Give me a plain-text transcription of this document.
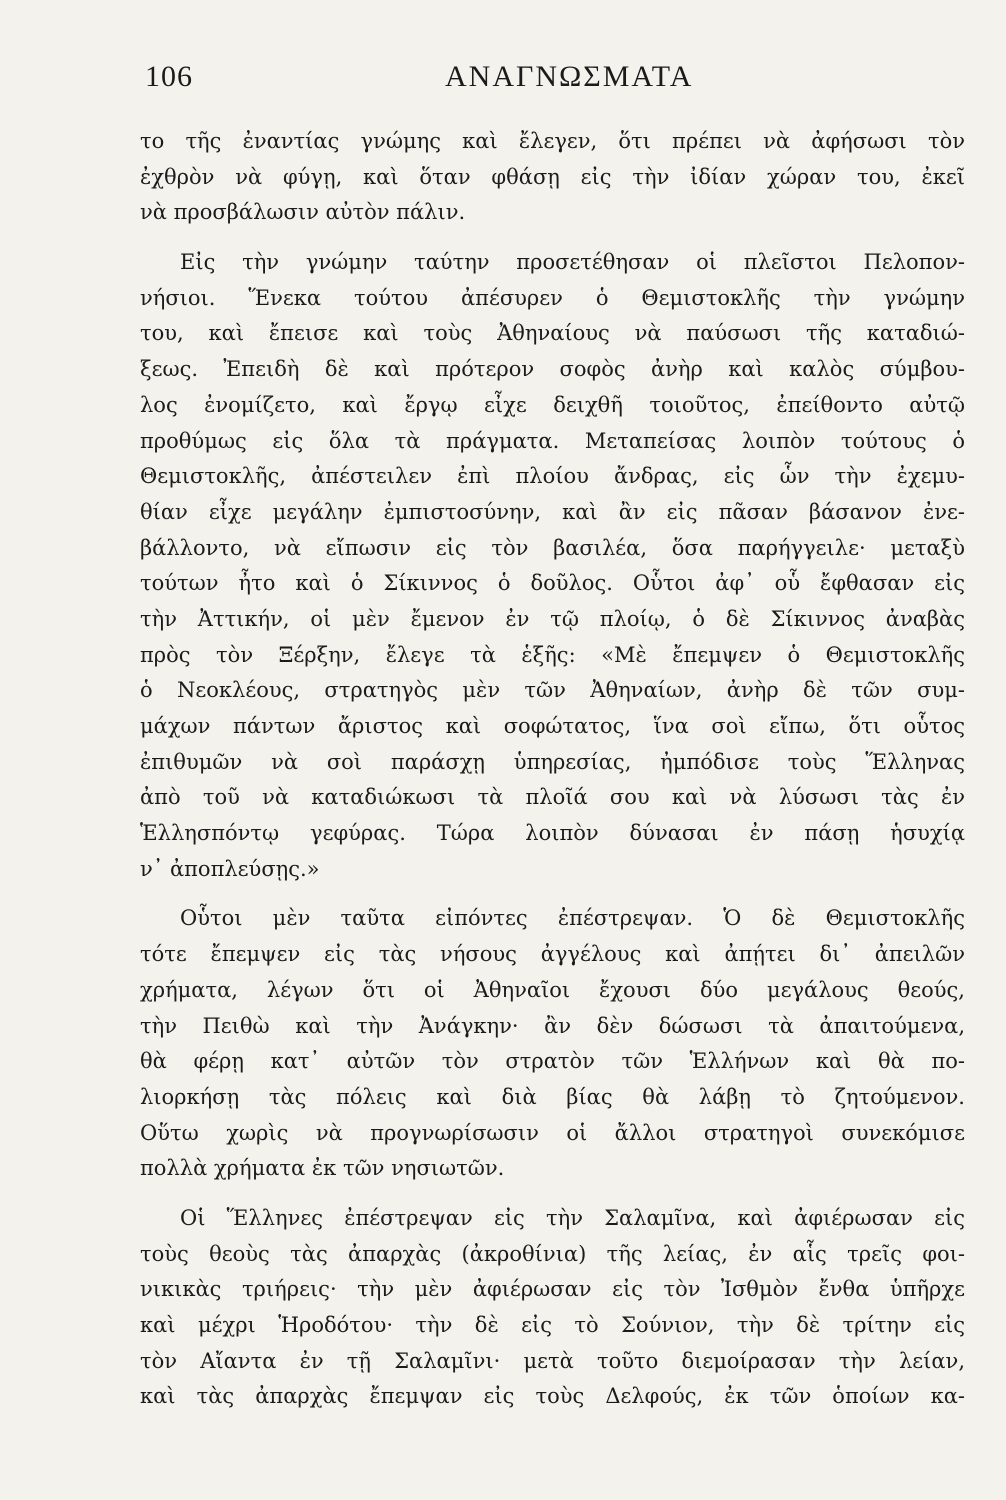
106	ΑΝΑΓΝΩΣΜΑΤΑ
το τῆς ἐναντίας γνώμης καὶ ἔλεγεν, ὅτι πρέπει νὰ ἀφήσωσι τὸν
ἐχθρὸν νὰ φύγῃ, καὶ ὅταν φθάσῃ εἰς τὴν ἰδίαν χώραν του, ἐκεῖ
νὰ προσβάλωσιν αὐτὸν πάλιν.
Εἰς τὴν γνώμην ταύτην προσετέθησαν οἱ πλεῖστοι Πελοπον-
νήσιοι. Ἕνεκα τούτου ἀπέσυρεν ὁ Θεμιστοκλῆς τὴν γνώμην
του, καὶ ἔπεισε καὶ τοὺς Ἀθηναίους νὰ παύσωσι τῆς καταδιώ-
ξεως. Ἐπειδὴ δὲ καὶ πρότερον σοφὸς ἀνὴρ καὶ καλὸς σύμβου-
λος ἐνομίζετο, καὶ ἔργῳ εἶχε δειχθῆ τοιοῦτος, ἐπείθοντο αὐτῷ
προθύμως εἰς ὅλα τὰ πράγματα. Μεταπείσας λοιπὸν τούτους ὁ
Θεμιστοκλῆς, ἀπέστειλεν ἐπὶ πλοίου ἄνδρας, εἰς ὧν τὴν ἐχεμυ-
θίαν εἶχε μεγάλην ἐμπιστοσύνην, καὶ ἂν εἰς πᾶσαν βάσανον ἐνε-
βάλλοντο, νὰ εἴπωσιν εἰς τὸν βασιλέα, ὅσα παρήγγειλε· μεταξὺ
τούτων ἦτο καὶ ὁ Σίκιννος ὁ δοῦλος. Οὗτοι ἀφ᾽ οὗ ἔφθασαν εἰς
τὴν Ἀττικήν, οἱ μὲν ἔμενον ἐν τῷ πλοίῳ, ὁ δὲ Σίκιννος ἀναβὰς
πρὸς τὸν Ξέρξην, ἔλεγε τὰ ἑξῆς: «Μὲ ἔπεμψεν ὁ Θεμιστοκλῆς
ὁ Νεοκλέους, στρατηγὸς μὲν τῶν Ἀθηναίων, ἀνὴρ δὲ τῶν συμ-
μάχων πάντων ἄριστος καὶ σοφώτατος, ἵνα σοὶ εἴπω, ὅτι οὗτος
ἐπιθυμῶν νὰ σοὶ παράσχῃ ὑπηρεσίας, ἠμπόδισε τοὺς Ἕλληνας
ἀπὸ τοῦ νὰ καταδιώκωσι τὰ πλοῖά σου καὶ νὰ λύσωσι τὰς ἐν
Ἑλλησπόντῳ γεφύρας. Τώρα λοιπὸν δύνασαι ἐν πάσῃ ἡσυχίᾳ
ν᾽ ἀποπλεύσῃς.»
Οὗτοι μὲν ταῦτα εἰπόντες ἐπέστρεψαν. Ὁ δὲ Θεμιστοκλῆς
τότε ἔπεμψεν εἰς τὰς νήσους ἀγγέλους καὶ ἀπῄτει δι᾽ ἀπειλῶν
χρήματα, λέγων ὅτι οἱ Ἀθηναῖοι ἔχουσι δύο μεγάλους θεούς,
τὴν Πειθὼ καὶ τὴν Ἀνάγκην· ἂν δὲν δώσωσι τὰ ἀπαιτούμενα,
θὰ φέρῃ κατ᾽ αὐτῶν τὸν στρατὸν τῶν Ἑλλήνων καὶ θὰ πο-
λιορκήσῃ τὰς πόλεις καὶ διὰ βίας θὰ λάβῃ τὸ ζητούμενον.
Οὕτω χωρὶς νὰ προγνωρίσωσιν οἱ ἄλλοι στρατηγοὶ συνεκόμισε
πολλὰ χρήματα ἐκ τῶν νησιωτῶν.
Οἱ Ἕλληνες ἐπέστρεψαν εἰς τὴν Σαλαμῖνα, καὶ ἀφιέρωσαν εἰς
τοὺς θεοὺς τὰς ἀπαρχὰς (ἀκροθίνια) τῆς λείας, ἐν αἷς τρεῖς φοι-
νικικὰς τριήρεις· τὴν μὲν ἀφιέρωσαν εἰς τὸν Ἰσθμὸν ἔνθα ὑπῆρχε
καὶ μέχρι Ἡροδότου· τὴν δὲ εἰς τὸ Σούνιον, τὴν δὲ τρίτην εἰς
τὸν Αἴαντα ἐν τῇ Σαλαμῖνι· μετὰ τοῦτο διεμοίρασαν τὴν λείαν,
καὶ τὰς ἀπαρχὰς ἔπεμψαν εἰς τοὺς Δελφούς, ἐκ τῶν ὁποίων κα-
